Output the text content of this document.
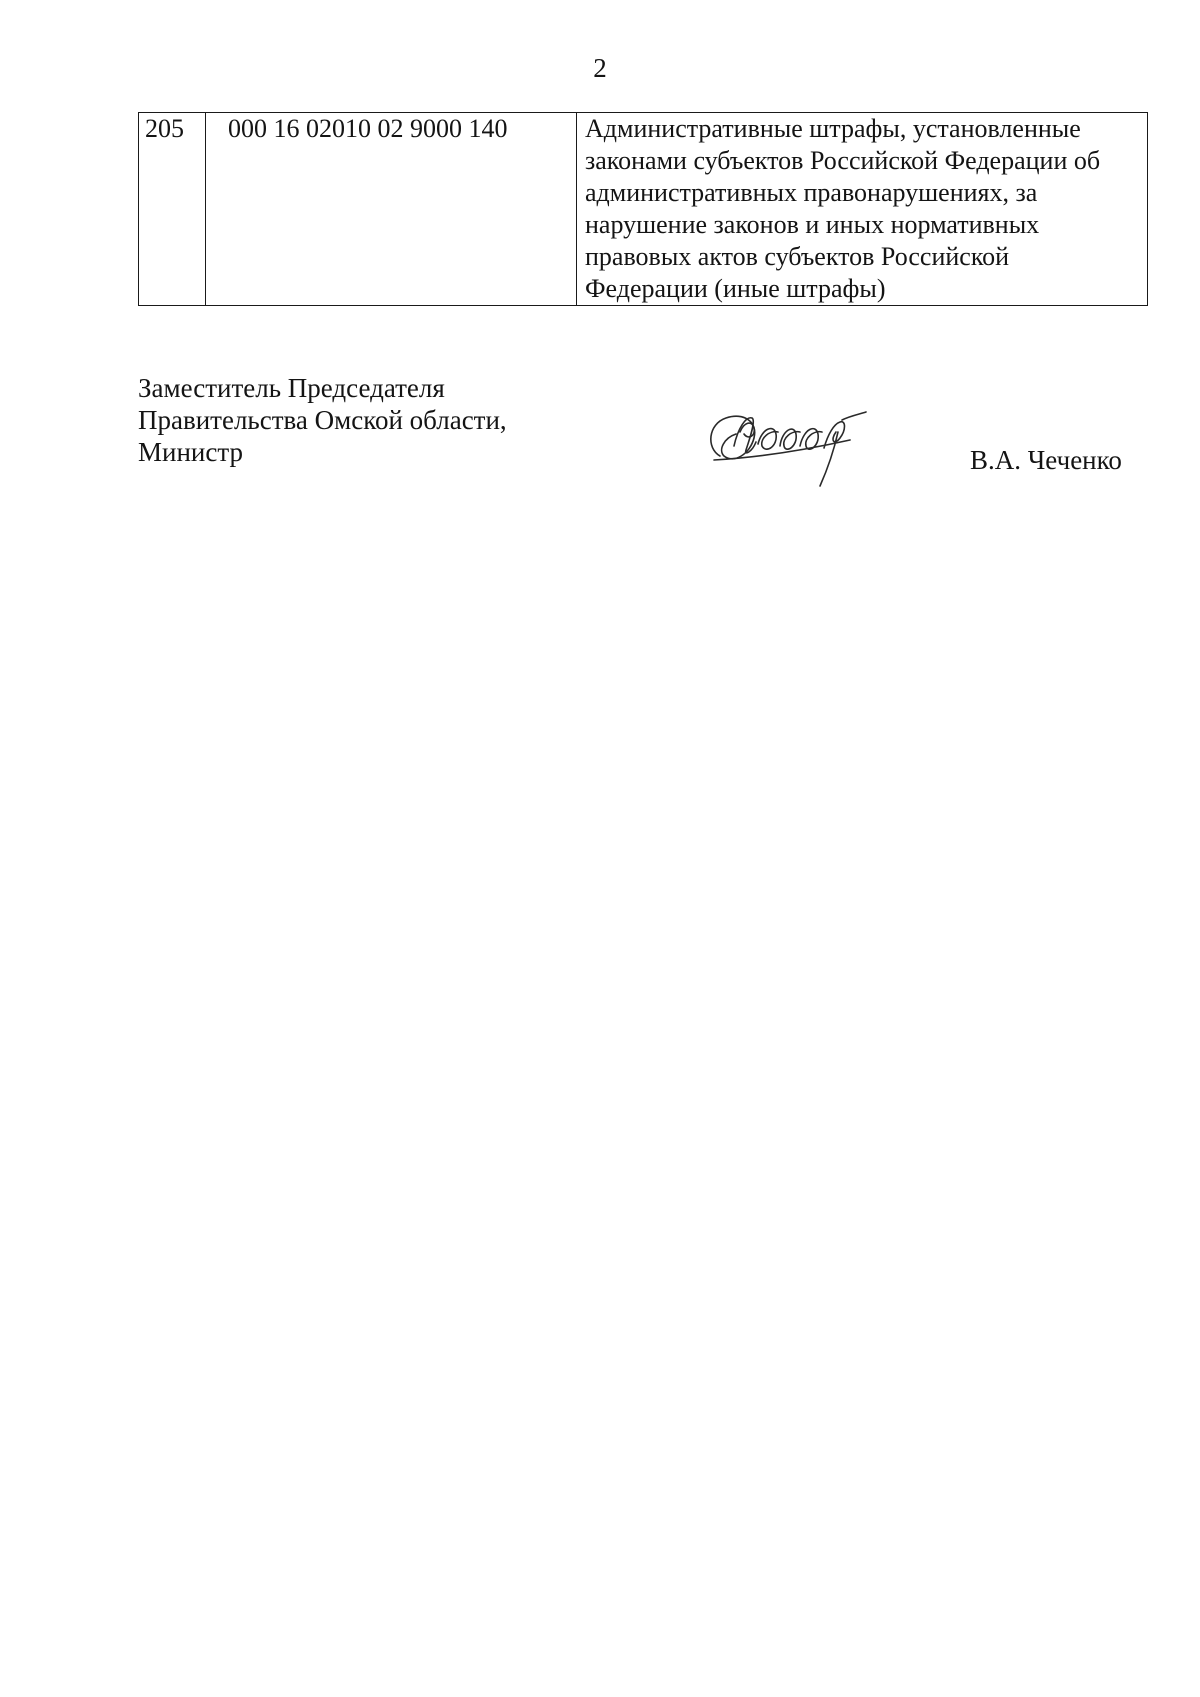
2
205	000 16 02010 02 9000 140	Административные штрафы, установленные
законами субъектов Российской Федерации об
административных правонарушениях, за
нарушение законов и иных нормативных
правовых актов субъектов Российской
Федерации (иные штрафы)
Заместитель Председателя
Правительства Омской области,
Министр	В.А. Чеченко
